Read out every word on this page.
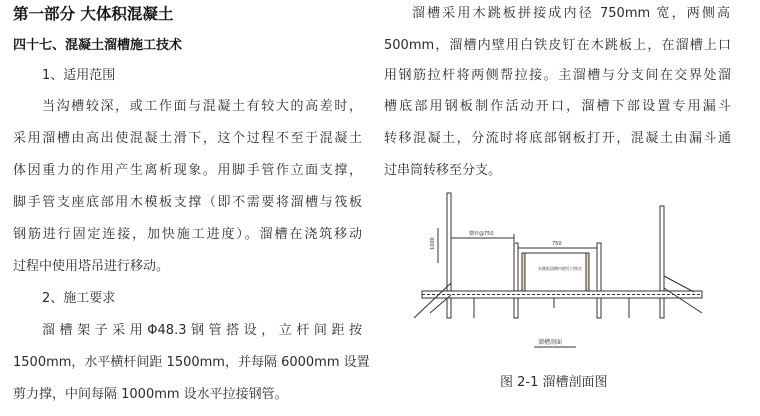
第一部分 大体积混凝土
四十七、混凝土溜槽施工技术
1、适用范围
当沟槽较深，或工作面与混凝土有较大的高差时，
采用溜槽由高出使混凝土滑下，这个过程不至于混凝土
体因重力的作用产生离析现象。用脚手管作立面支撑，
脚手管支座底部用木模板支撑（即不需要将溜槽与筏板
钢筋进行固定连接，加快施工进度）。溜槽在浇筑移动
过程中使用塔吊进行移动。
2、施工要求
溜槽架子采用Φ48.3钢管搭设，立杆间距按
1500mm，水平横杆间距 1500mm，并每隔 6000mm 设置
剪力撑，中间每隔 1000mm 设水平拉接钢管。
溜槽采用木跳板拼接成内径 750mm 宽，两侧高
500mm，溜槽内壁用白铁皮钉在木跳板上，在溜槽上口
用钢筋拉杆将两侧帮拉接。主溜槽与分支间在交界处溜
槽底部用钢板制作活动开口，溜槽下部设置专用漏斗
转移混凝土，分流时将底部钢板打开，混凝土由漏斗通
过串筒转移至分支。
横杆@750
750
1000
木跳板溜槽内壁钉白铁皮
溜槽剖面
图 2-1 溜槽剖面图
